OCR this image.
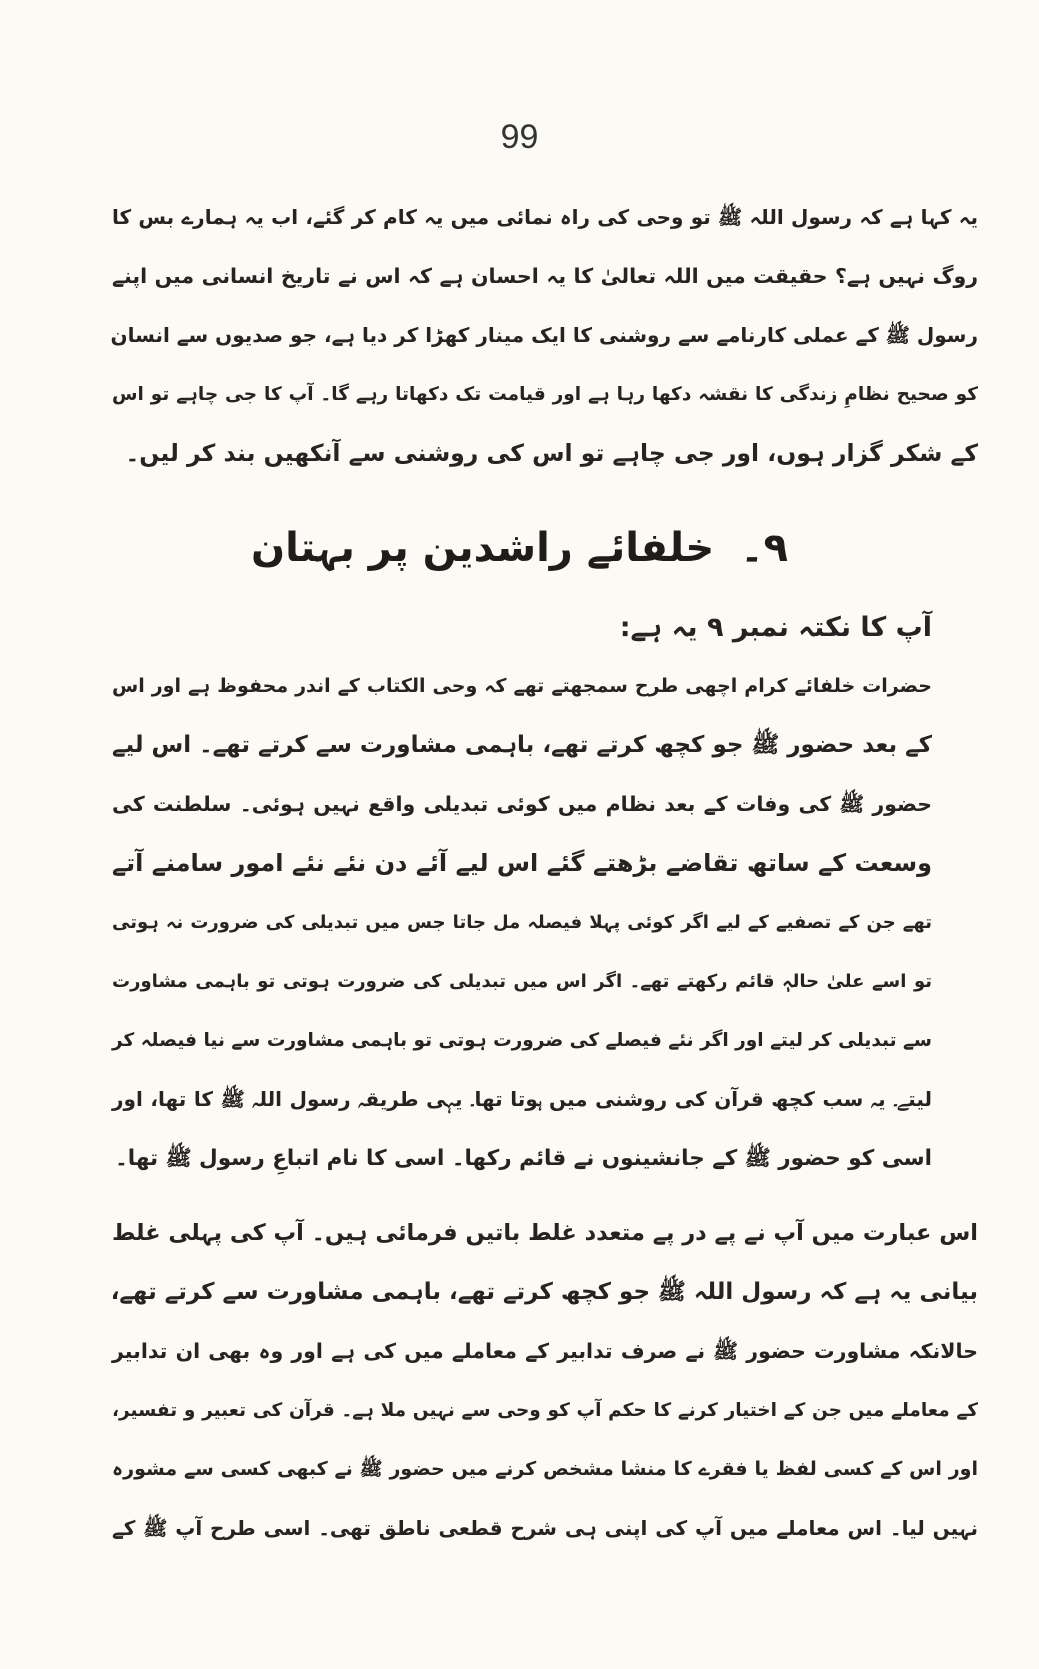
99
یہ کہا ہے کہ رسول اللہ ﷺ تو وحی کی راہ نمائی میں یہ کام کر گئے، اب یہ ہمارے بس کا
روگ نہیں ہے؟ حقیقت میں اللہ تعالیٰ کا یہ احسان ہے کہ اس نے تاریخ انسانی میں اپنے
رسول ﷺ کے عملی کارنامے سے روشنی کا ایک مینار کھڑا کر دیا ہے، جو صدیوں سے انسان
کو صحیح نظامِ زندگی کا نقشہ دکھا رہا ہے اور قیامت تک دکھاتا رہے گا۔ آپ کا جی چاہے تو اس
کے شکر گزار ہوں، اور جی چاہے تو اس کی روشنی سے آنکھیں بند کر لیں۔
۹۔خلفائے راشدین پر بہتان
آپ کا نکتہ نمبر ۹ یہ ہے:
حضرات خلفائے کرام اچھی طرح سمجھتے تھے کہ وحی الکتاب کے اندر محفوظ ہے اور اس
کے بعد حضور ﷺ جو کچھ کرتے تھے، باہمی مشاورت سے کرتے تھے۔ اس لیے
حضور ﷺ کی وفات کے بعد نظام میں کوئی تبدیلی واقع نہیں ہوئی۔ سلطنت کی
وسعت کے ساتھ تقاضے بڑھتے گئے اس لیے آئے دن نئے نئے امور سامنے آتے
تھے جن کے تصفیے کے لیے اگر کوئی پہلا فیصلہ مل جاتا جس میں تبدیلی کی ضرورت نہ ہوتی
تو اسے علیٰ حالہٖ قائم رکھتے تھے۔ اگر اس میں تبدیلی کی ضرورت ہوتی تو باہمی مشاورت
سے تبدیلی کر لیتے اور اگر نئے فیصلے کی ضرورت ہوتی تو باہمی مشاورت سے نیا فیصلہ کر
لیتے۔ یہ سب کچھ قرآن کی روشنی میں ہوتا تھا۔ یہی طریقہ رسول اللہ ﷺ کا تھا، اور
اسی کو حضور ﷺ کے جانشینوں نے قائم رکھا۔ اسی کا نام اتباعِ رسول ﷺ تھا۔
اس عبارت میں آپ نے پے در پے متعدد غلط باتیں فرمائی ہیں۔ آپ کی پہلی غلط
بیانی یہ ہے کہ رسول اللہ ﷺ جو کچھ کرتے تھے، باہمی مشاورت سے کرتے تھے،
حالانکہ مشاورت حضور ﷺ نے صرف تدابیر کے معاملے میں کی ہے اور وہ بھی ان تدابیر
کے معاملے میں جن کے اختیار کرنے کا حکم آپ کو وحی سے نہیں ملا ہے۔ قرآن کی تعبیر و تفسیر،
اور اس کے کسی لفظ یا فقرے کا منشا مشخص کرنے میں حضور ﷺ نے کبھی کسی سے مشورہ
نہیں لیا۔ اس معاملے میں آپ کی اپنی ہی شرح قطعی ناطق تھی۔ اسی طرح آپ ﷺ کے
